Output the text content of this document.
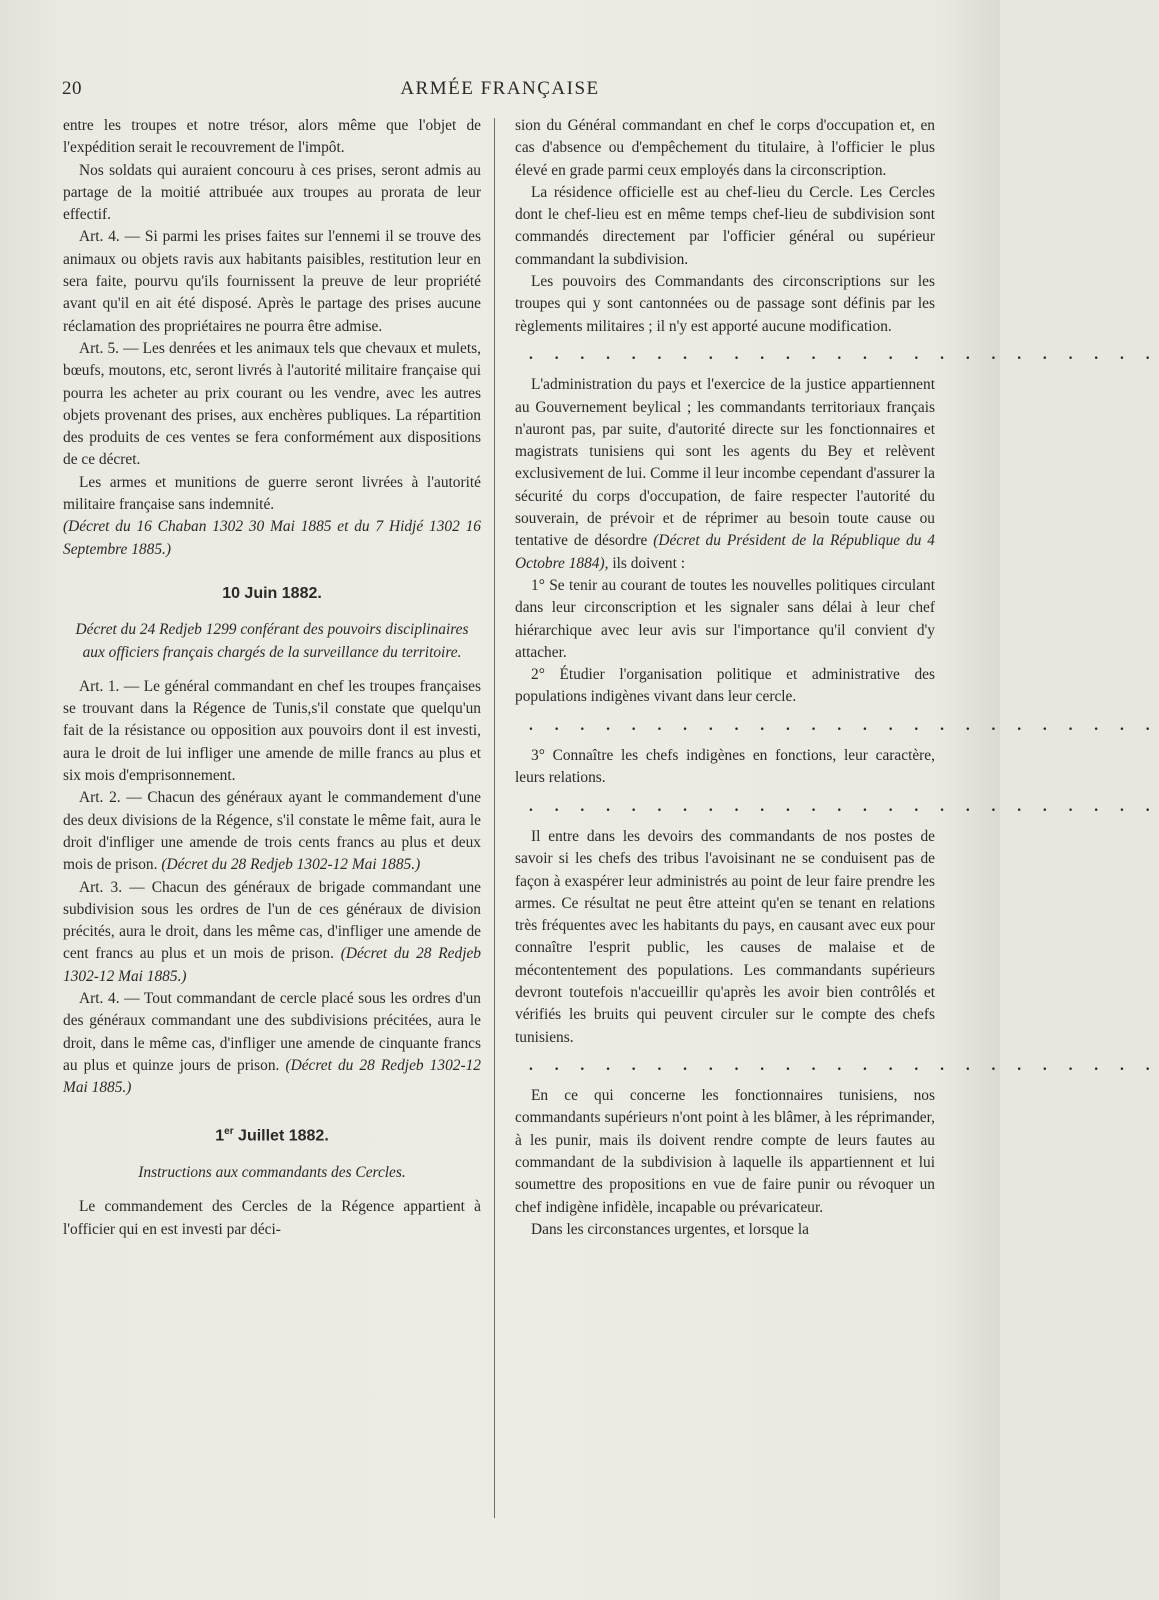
20	ARMÉE FRANÇAISE

entre les troupes et notre trésor, alors même que l'objet de l'expédition serait le recouvrement de l'impôt.

Nos soldats qui auraient concouru à ces prises, seront admis au partage de la moitié attribuée aux troupes au prorata de leur effectif.

Art. 4. — Si parmi les prises faites sur l'ennemi il se trouve des animaux ou objets ravis aux habitants paisibles, restitution leur en sera faite, pourvu qu'ils fournissent la preuve de leur propriété avant qu'il en ait été disposé. Après le partage des prises aucune réclamation des propriétaires ne pourra être admise.

Art. 5. — Les denrées et les animaux tels que chevaux et mulets, bœufs, moutons, etc, seront livrés à l'autorité militaire française qui pourra les acheter au prix courant ou les vendre, avec les autres objets provenant des prises, aux enchères publiques. La répartition des produits de ces ventes se fera conformément aux dispositions de ce décret.

Les armes et munitions de guerre seront livrées à l'autorité militaire française sans indemnité.

(Décret du 16 Chaban 1302 30 Mai 1885 et du 7 Hidjé 1302 16 Septembre 1885.)

10 Juin 1882.

Décret du 24 Redjeb 1299 conférant des pouvoirs disciplinaires aux officiers français chargés de la surveillance du territoire.

Art. 1. — Le général commandant en chef les troupes françaises se trouvant dans la Régence de Tunis,s'il constate que quelqu'un fait de la résistance ou opposition aux pouvoirs dont il est investi, aura le droit de lui infliger une amende de mille francs au plus et six mois d'emprisonnement.

Art. 2. — Chacun des généraux ayant le commandement d'une des deux divisions de la Régence, s'il constate le même fait, aura le droit d'infliger une amende de trois cents francs au plus et deux mois de prison. (Décret du 28 Redjeb 1302-12 Mai 1885.)

Art. 3. — Chacun des généraux de brigade commandant une subdivision sous les ordres de l'un de ces généraux de division précités, aura le droit, dans les même cas, d'infliger une amende de cent francs au plus et un mois de prison. (Décret du 28 Redjeb 1302-12 Mai 1885.)

Art. 4. — Tout commandant de cercle placé sous les ordres d'un des généraux commandant une des subdivisions précitées, aura le droit, dans le même cas, d'infliger une amende de cinquante francs au plus et quinze jours de prison. (Décret du 28 Redjeb 1302-12 Mai 1885.)

1er Juillet 1882.

Instructions aux commandants des Cercles.

Le commandement des Cercles de la Régence appartient à l'officier qui en est investi par déci-

sion du Général commandant en chef le corps d'occupation et, en cas d'absence ou d'empêchement du titulaire, à l'officier le plus élevé en grade parmi ceux employés dans la circonscription.

La résidence officielle est au chef-lieu du Cercle. Les Cercles dont le chef-lieu est en même temps chef-lieu de subdivision sont commandés directement par l'officier général ou supérieur commandant la subdivision.

Les pouvoirs des Commandants des circonscriptions sur les troupes qui y sont cantonnées ou de passage sont définis par les règlements militaires ; il n'y est apporté aucune modification.

. . . . . . . . . . . . . . . . . . . . . . . . .

L'administration du pays et l'exercice de la justice appartiennent au Gouvernement beylical ; les commandants territoriaux français n'auront pas, par suite, d'autorité directe sur les fonctionnaires et magistrats tunisiens qui sont les agents du Bey et relèvent exclusivement de lui. Comme il leur incombe cependant d'assurer la sécurité du corps d'occupation, de faire respecter l'autorité du souverain, de prévoir et de réprimer au besoin toute cause ou tentative de désordre (Décret du Président de la République du 4 Octobre 1884), ils doivent :

1° Se tenir au courant de toutes les nouvelles politiques circulant dans leur circonscription et les signaler sans délai à leur chef hiérarchique avec leur avis sur l'importance qu'il convient d'y attacher.

2° Étudier l'organisation politique et administrative des populations indigènes vivant dans leur cercle.

. . . . . . . . . . . . . . . . . . . . . . . . .

3° Connaître les chefs indigènes en fonctions, leur caractère, leurs relations.

. . . . . . . . . . . . . . . . . . . . . . . . .

Il entre dans les devoirs des commandants de nos postes de savoir si les chefs des tribus l'avoisinant ne se conduisent pas de façon à exaspérer leur administrés au point de leur faire prendre les armes. Ce résultat ne peut être atteint qu'en se tenant en relations très fréquentes avec les habitants du pays, en causant avec eux pour connaître l'esprit public, les causes de malaise et de mécontentement des populations. Les commandants supérieurs devront toutefois n'accueillir qu'après les avoir bien contrôlés et vérifiés les bruits qui peuvent circuler sur le compte des chefs tunisiens.

. . . . . . . . . . . . . . . . . . . . . . . . .

En ce qui concerne les fonctionnaires tunisiens, nos commandants supérieurs n'ont point à les blâmer, à les réprimander, à les punir, mais ils doivent rendre compte de leurs fautes au commandant de la subdivision à laquelle ils appartiennent et lui soumettre des propositions en vue de faire punir ou révoquer un chef indigène infidèle, incapable ou prévaricateur.

Dans les circonstances urgentes, et lorsque la
